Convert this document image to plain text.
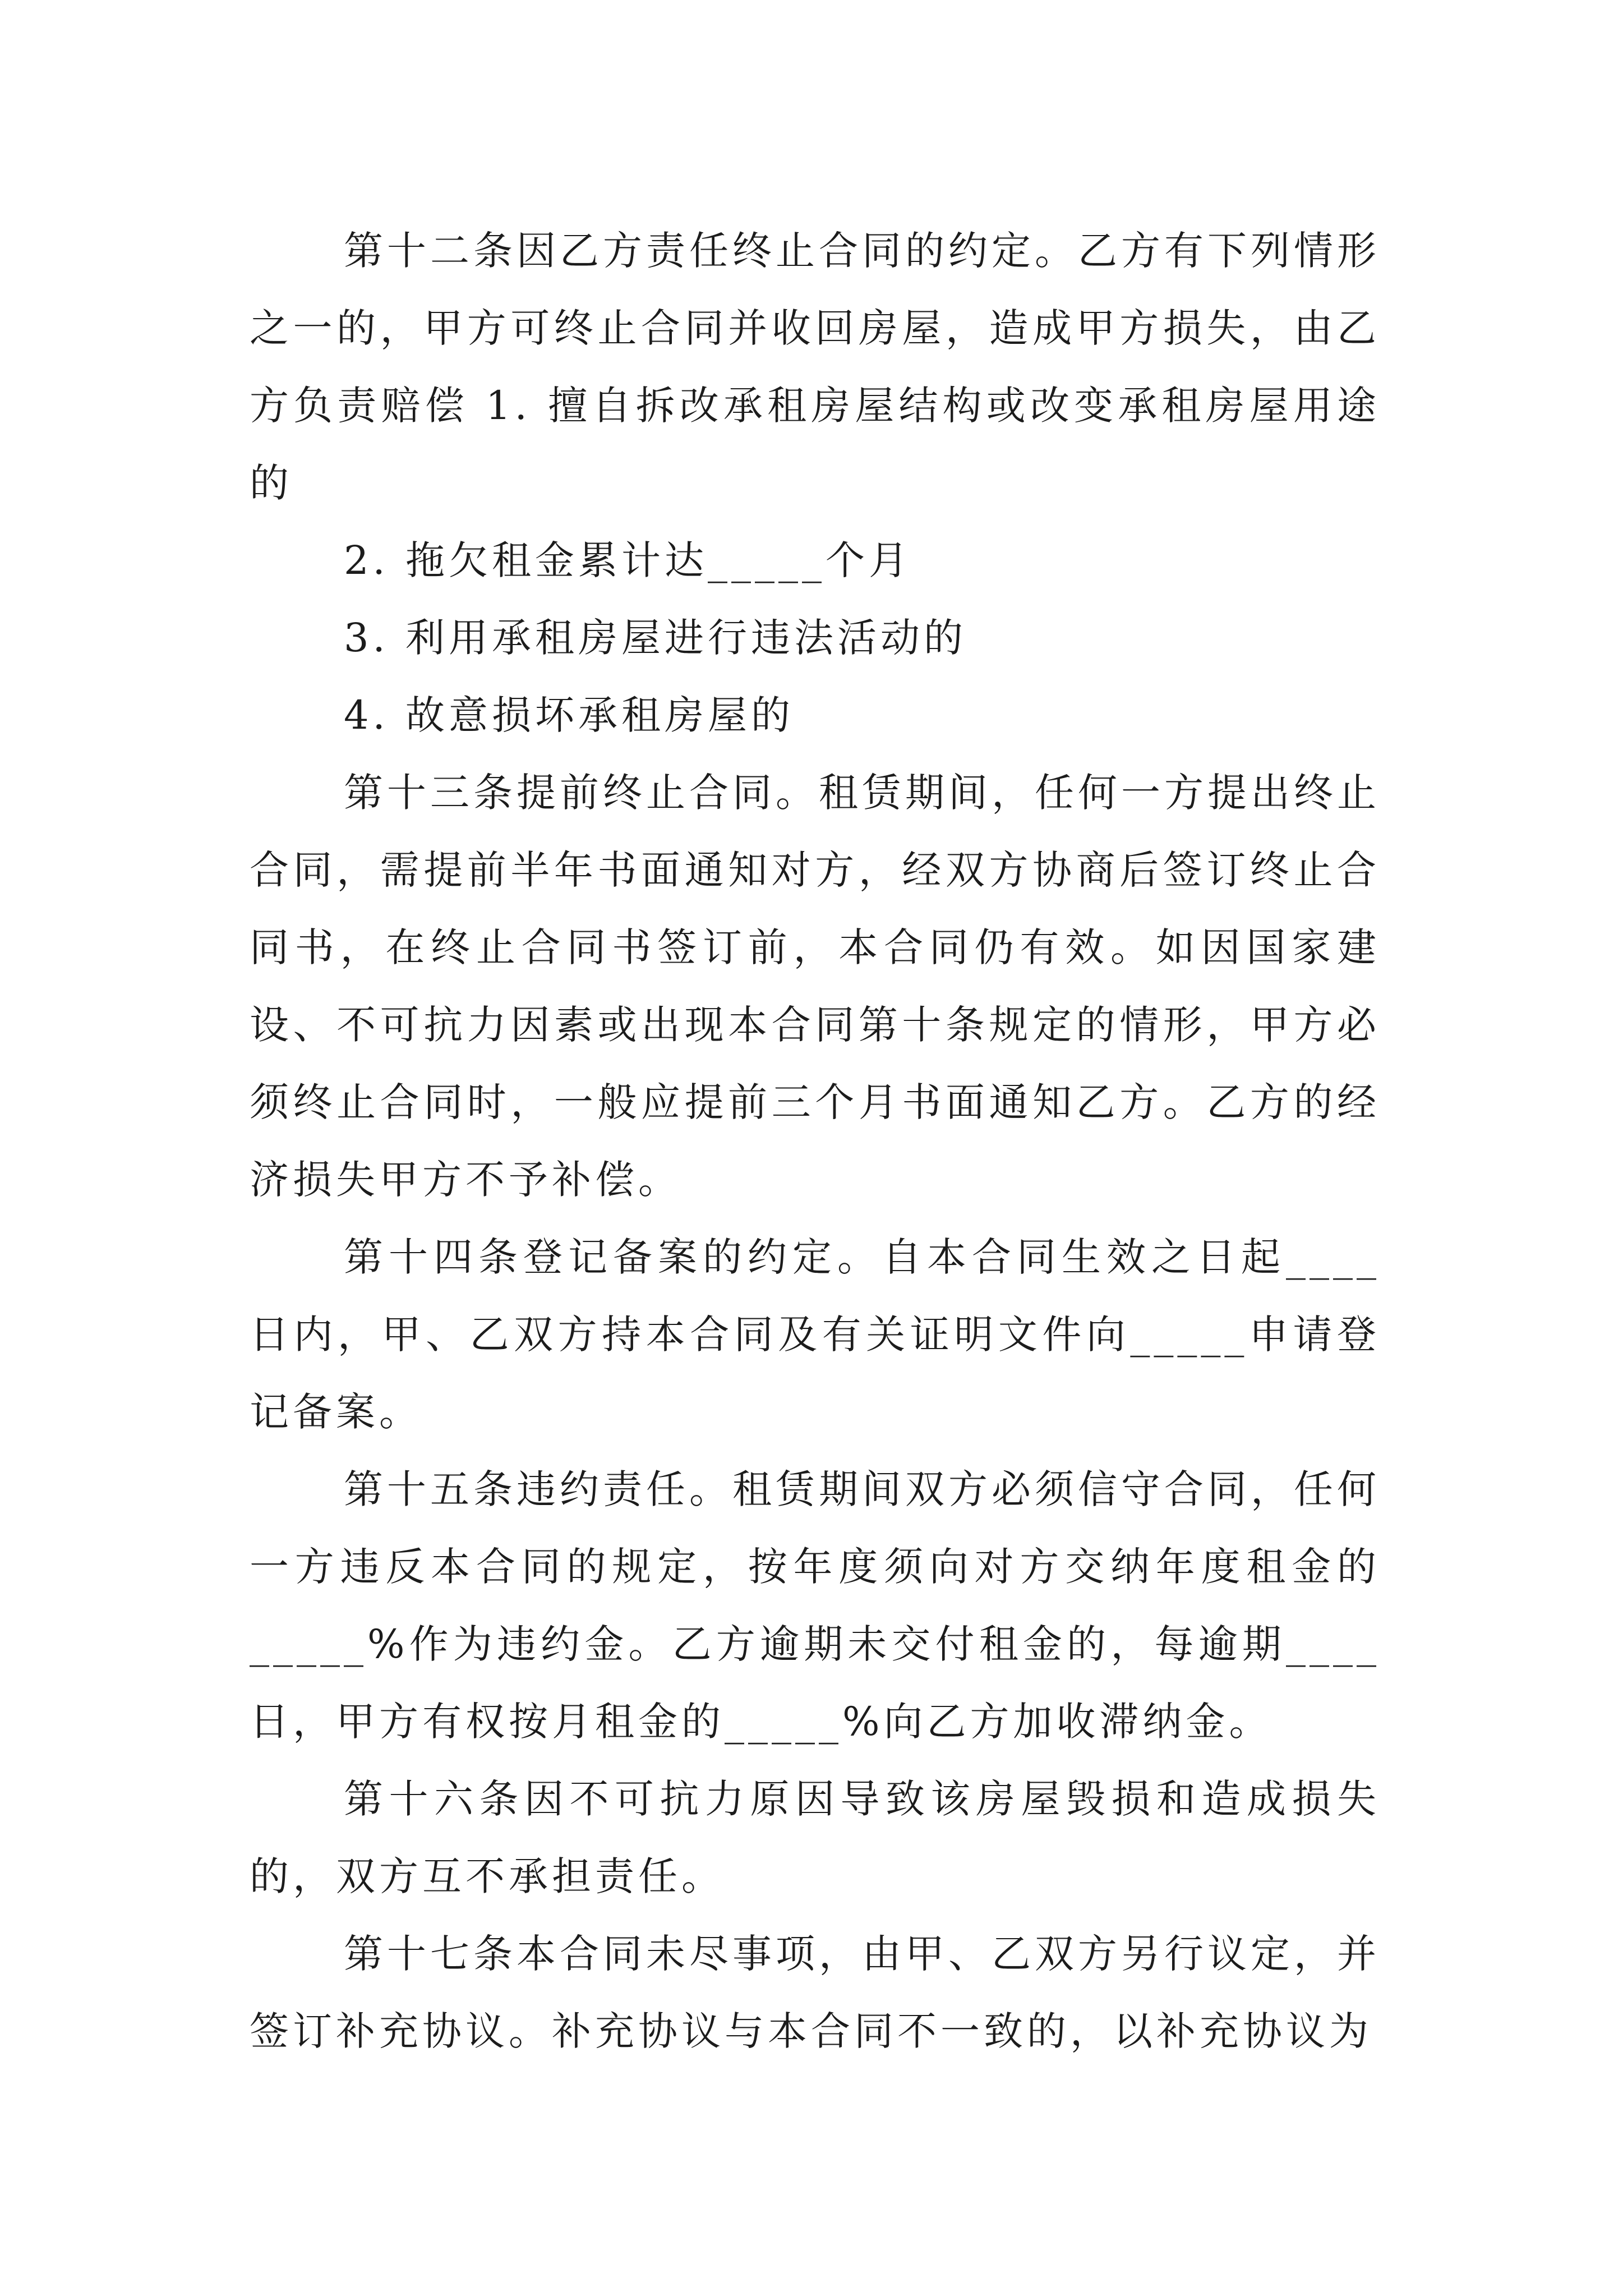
第十二条因乙方责任终止合同的约定。乙方有下列情形之一的，甲方可终止合同并收回房屋，造成甲方损失，由乙方负责赔偿 1. 擅自拆改承租房屋结构或改变承租房屋用途的

2. 拖欠租金累计达_____个月

3. 利用承租房屋进行违法活动的

4. 故意损坏承租房屋的

第十三条提前终止合同。租赁期间，任何一方提出终止合同，需提前半年书面通知对方，经双方协商后签订终止合同书，在终止合同书签订前，本合同仍有效。如因国家建设、不可抗力因素或出现本合同第十条规定的情形，甲方必须终止合同时，一般应提前三个月书面通知乙方。乙方的经济损失甲方不予补偿。

第十四条登记备案的约定。自本合同生效之日起____日内，甲、乙双方持本合同及有关证明文件向_____申请登记备案。

第十五条违约责任。租赁期间双方必须信守合同，任何一方违反本合同的规定，按年度须向对方交纳年度租金的_____%作为违约金。乙方逾期未交付租金的，每逾期____日，甲方有权按月租金的_____%向乙方加收滞纳金。

第十六条因不可抗力原因导致该房屋毁损和造成损失的，双方互不承担责任。

第十七条本合同未尽事项，由甲、乙双方另行议定，并签订补充协议。补充协议与本合同不一致的，以补充协议为
